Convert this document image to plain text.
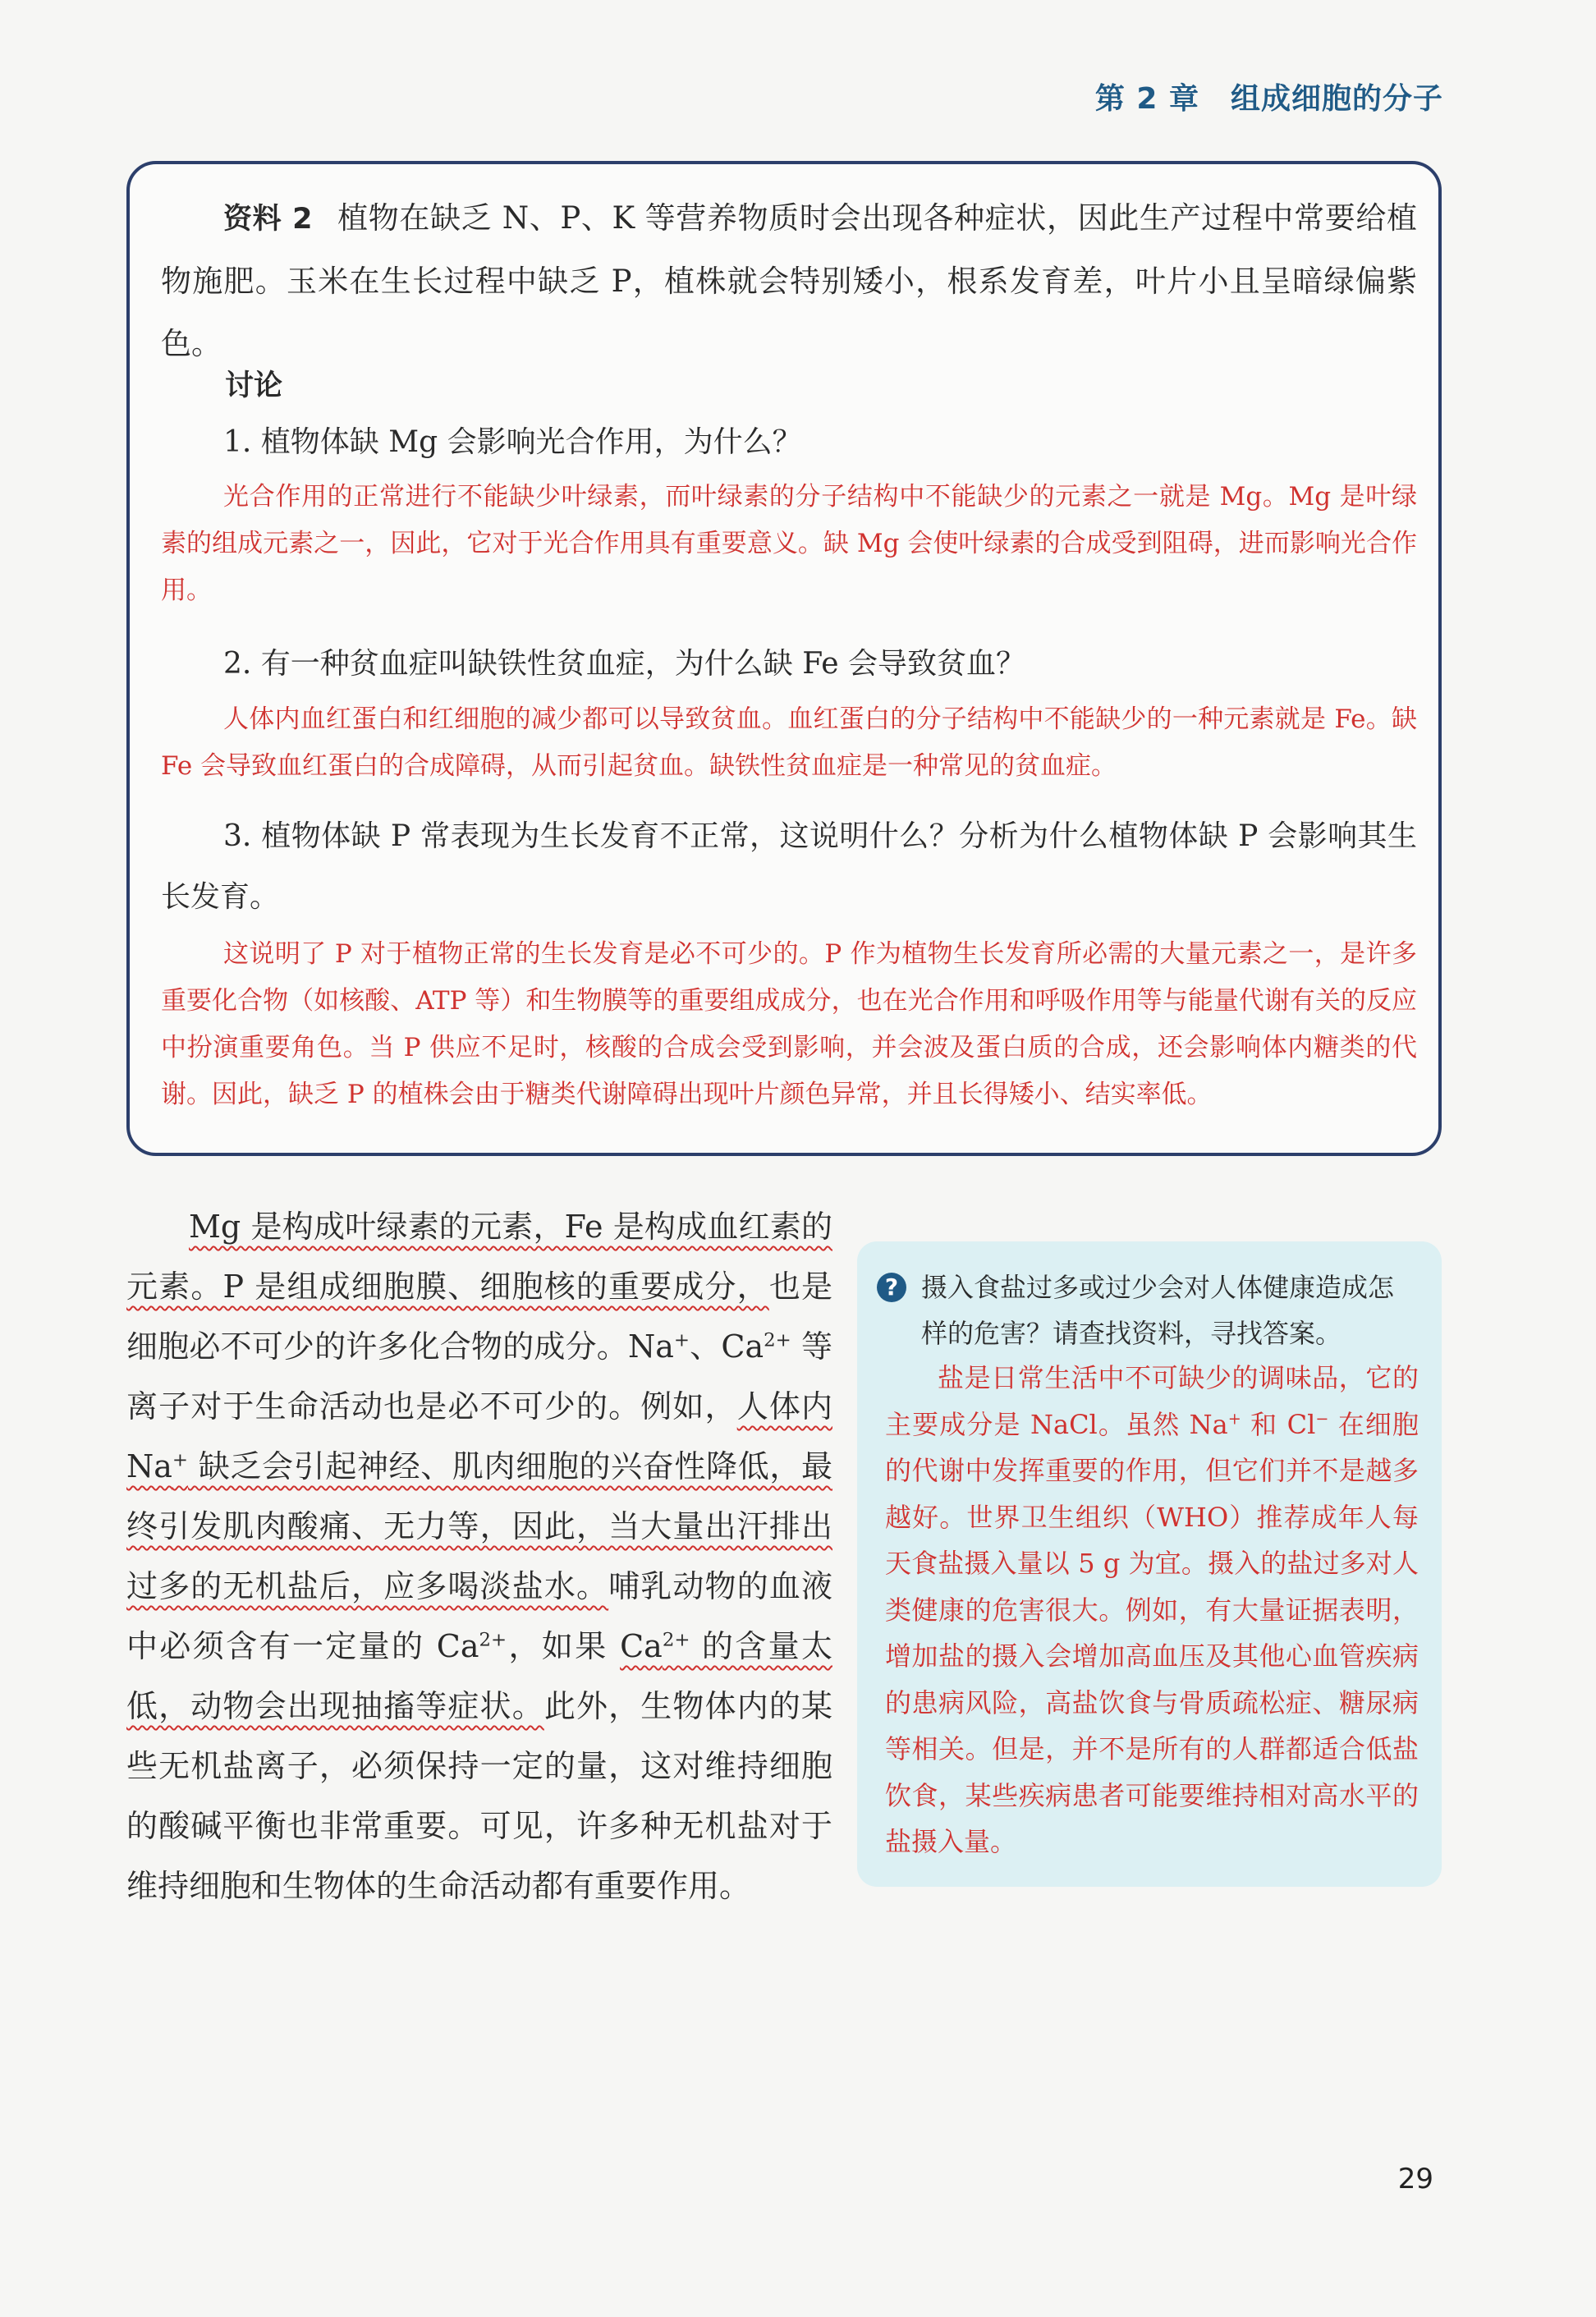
第 2 章 组成细胞的分子
资料 2 植物在缺乏 N、P、K 等营养物质时会出现各种症状，因此生产过程中常要给植物施肥。玉米在生长过程中缺乏 P，植株就会特别矮小，根系发育差，叶片小且呈暗绿偏紫色。
讨论
1. 植物体缺 Mg 会影响光合作用，为什么？
光合作用的正常进行不能缺少叶绿素，而叶绿素的分子结构中不能缺少的元素之一就是 Mg。Mg 是叶绿素的组成元素之一，因此，它对于光合作用具有重要意义。缺 Mg 会使叶绿素的合成受到阻碍，进而影响光合作用。
2. 有一种贫血症叫缺铁性贫血症，为什么缺 Fe 会导致贫血？
人体内血红蛋白和红细胞的减少都可以导致贫血。血红蛋白的分子结构中不能缺少的一种元素就是 Fe。缺 Fe 会导致血红蛋白的合成障碍，从而引起贫血。缺铁性贫血症是一种常见的贫血症。
3. 植物体缺 P 常表现为生长发育不正常，这说明什么？分析为什么植物体缺 P 会影响其生长发育。
这说明了 P 对于植物正常的生长发育是必不可少的。P 作为植物生长发育所必需的大量元素之一，是许多重要化合物（如核酸、ATP 等）和生物膜等的重要组成成分，也在光合作用和呼吸作用等与能量代谢有关的反应中扮演重要角色。当 P 供应不足时，核酸的合成会受到影响，并会波及蛋白质的合成，还会影响体内糖类的代谢。因此，缺乏 P 的植株会由于糖类代谢障碍出现叶片颜色异常，并且长得矮小、结实率低。
Mg 是构成叶绿素的元素，Fe 是构成血红素的元素。P 是组成细胞膜、细胞核的重要成分，也是细胞必不可少的许多化合物的成分。Na+、$Ca^{2+}$ 等离子对于生命活动也是必不可少的。例如，人体内 Na+ 缺乏会引起神经、肌肉细胞的兴奋性降低，最终引发肌肉酸痛、无力等，因此，当大量出汗排出过多的无机盐后，应多喝淡盐水。哺乳动物的血液中必须含有一定量的 $Ca^{2+}$，如果 $Ca^{2+}$ 的含量太低，动物会出现抽搐等症状。此外，生物体内的某些无机盐离子，必须保持一定的量，这对维持细胞的酸碱平衡也非常重要。可见，许多种无机盐对于维持细胞和生物体的生命活动都有重要作用。
? 摄入食盐过多或过少会对人体健康造成怎样的危害？请查找资料，寻找答案。
盐是日常生活中不可缺少的调味品，它的主要成分是 NaCl。虽然 Na+ 和 Cl− 在细胞的代谢中发挥重要的作用，但它们并不是越多越好。世界卫生组织（WHO）推荐成年人每天食盐摄入量以 5 g 为宜。摄入的盐过多对人类健康的危害很大。例如，有大量证据表明，增加盐的摄入会增加高血压及其他心血管疾病的患病风险，高盐饮食与骨质疏松症、糖尿病等相关。但是，并不是所有的人群都适合低盐饮食，某些疾病患者可能要维持相对高水平的盐摄入量。
29
